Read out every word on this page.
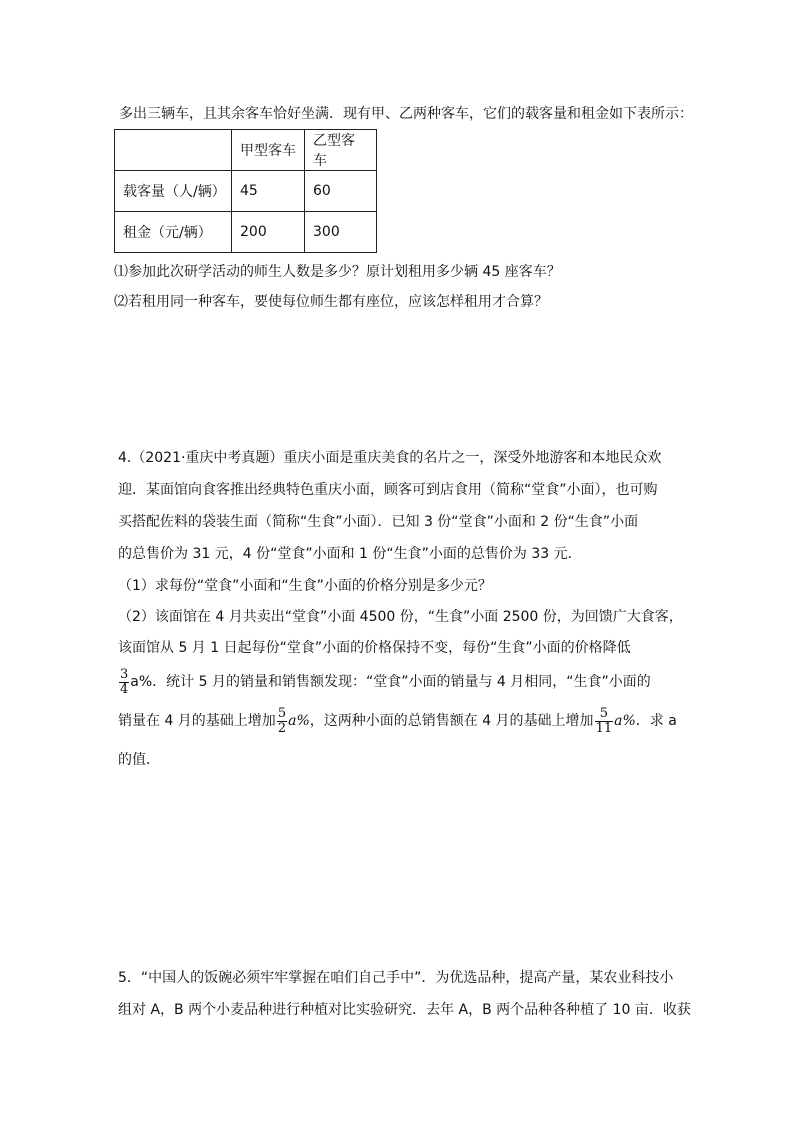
多出三辆车，且其余客车恰好坐满．现有甲、乙两种客车，它们的载客量和租金如下表所示：
	甲型客车	乙型客车
载客量（人/辆）	45	60
租金（元/辆）	200	300
⑴参加此次研学活动的师生人数是多少？原计划租用多少辆 45 座客车？
⑵若租用同一种客车，要使每位师生都有座位，应该怎样租用才合算？
4.（2021·重庆中考真题）重庆小面是重庆美食的名片之一，深受外地游客和本地民众欢
迎．某面馆向食客推出经典特色重庆小面，顾客可到店食用（简称“堂食”小面），也可购
买搭配佐料的袋装生面（简称“生食”小面）．已知 3 份“堂食”小面和 2 份“生食”小面
的总售价为 31 元，4 份“堂食”小面和 1 份“生食”小面的总售价为 33 元．
（1）求每份“堂食”小面和“生食”小面的价格分别是多少元？
（2）该面馆在 4 月共卖出“堂食”小面 4500 份，“生食”小面 2500 份，为回馈广大食客，
该面馆从 5 月 1 日起每份“堂食”小面的价格保持不变，每份“生食”小面的价格降低
$\frac{3}{4} a\%$．统计 5 月的销量和销售额发现：“堂食”小面的销量与 4 月相同，“生食”小面的
销量在 4 月的基础上增加 $\frac{5}{2} a\%$，这两种小面的总销售额在 4 月的基础上增加 $\frac{5}{11} a\%$．求 a
的值．
5．“中国人的饭碗必须牢牢掌握在咱们自己手中”．为优选品种，提高产量，某农业科技小
组对 A，B 两个小麦品种进行种植对比实验研究．去年 A，B 两个品种各种植了 10 亩．收获
